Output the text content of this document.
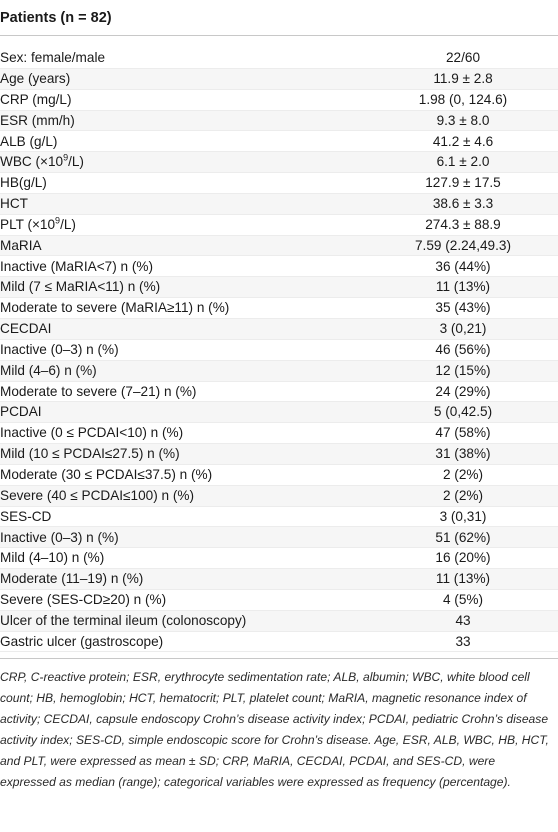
Patients (n = 82)
Sex: female/male	22/60
Age (years)	11.9 ± 2.8
CRP (mg/L)	1.98 (0, 124.6)
ESR (mm/h)	9.3 ± 8.0
ALB (g/L)	41.2 ± 4.6
WBC $(\times 10^9/L)$	6.1 ± 2.0
HB(g/L)	127.9 ± 17.5
HCT	38.6 ± 3.3
PLT $(\times 10^9/L)$	274.3 ± 88.9
MaRIA	7.59 (2.24,49.3)
Inactive (MaRIA<7) n (%)	36 (44%)
Mild (7 ≤ MaRIA<11) n (%)	11 (13%)
Moderate to severe (MaRIA≥11) n (%)	35 (43%)
CECDAI	3 (0,21)
Inactive (0–3) n (%)	46 (56%)
Mild (4–6) n (%)	12 (15%)
Moderate to severe (7–21) n (%)	24 (29%)
PCDAI	5 (0,42.5)
Inactive (0 ≤ PCDAI<10) n (%)	47 (58%)
Mild (10 ≤ PCDAI≤27.5) n (%)	31 (38%)
Moderate (30 ≤ PCDAI≤37.5) n (%)	2 (2%)
Severe (40 ≤ PCDAI≤100) n (%)	2 (2%)
SES-CD	3 (0,31)
Inactive (0–3) n (%)	51 (62%)
Mild (4–10) n (%)	16 (20%)
Moderate (11–19) n (%)	11 (13%)
Severe (SES-CD≥20) n (%)	4 (5%)
Ulcer of the terminal ileum (colonoscopy)	43
Gastric ulcer (gastroscope)	33
CRP, C-reactive protein; ESR, erythrocyte sedimentation rate; ALB, albumin; WBC, white blood cell count; HB, hemoglobin; HCT, hematocrit; PLT, platelet count; MaRIA, magnetic resonance index of activity; CECDAI, capsule endoscopy Crohn’s disease activity index; PCDAI, pediatric Crohn’s disease activity index; SES-CD, simple endoscopic score for Crohn’s disease. Age, ESR, ALB, WBC, HB, HCT, and PLT, were expressed as mean ± SD; CRP, MaRIA, CECDAI, PCDAI, and SES-CD, were expressed as median (range); categorical variables were expressed as frequency (percentage).
